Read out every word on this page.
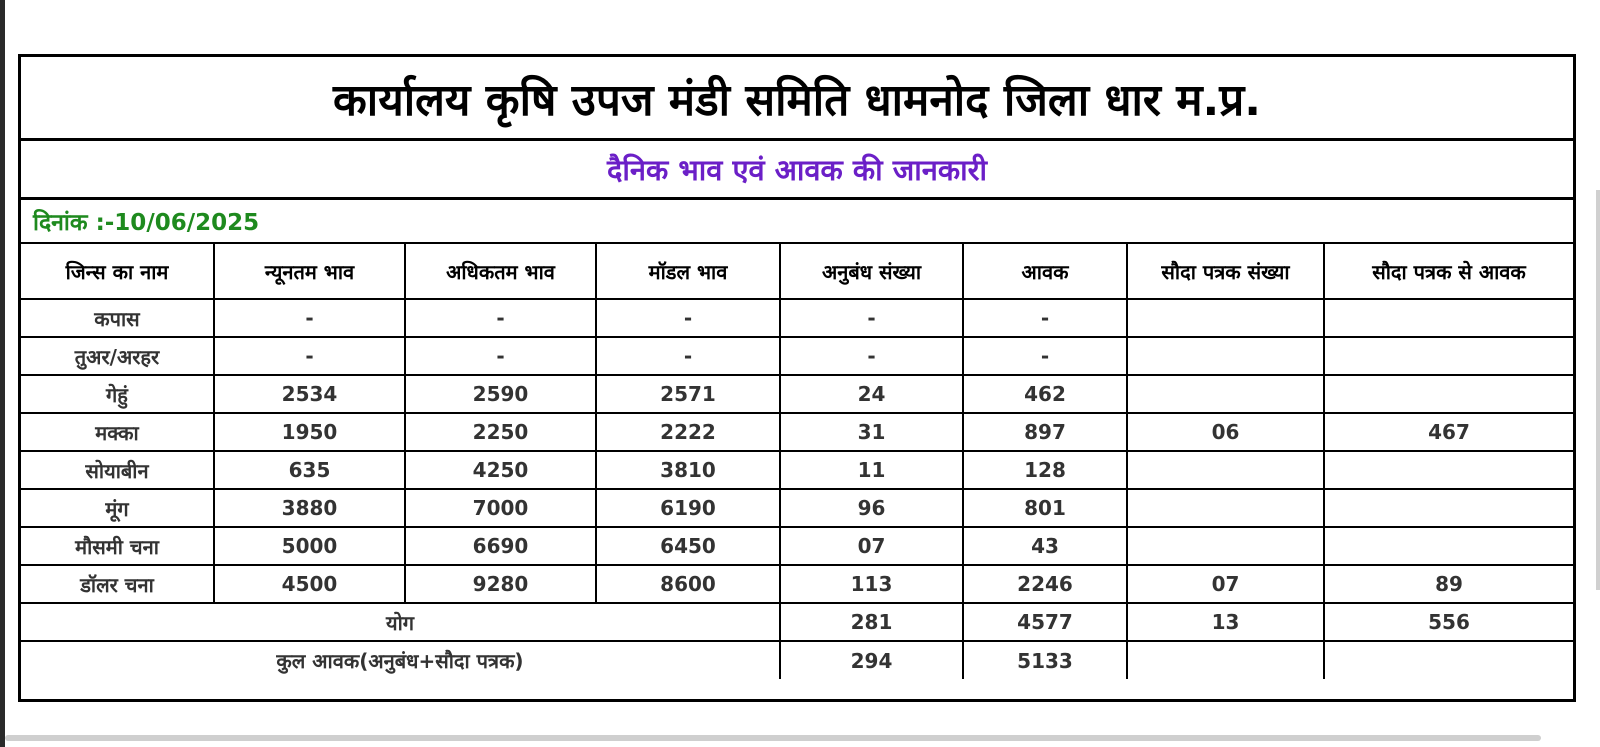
कार्यालय कृषि उपज मंडी समिति धामनोद जिला धार म.प्र.
दैनिक भाव एवं आवक की जानकारी
दिनांक :-10/06/2025
जिन्स का नाम	न्यूनतम भाव	अधिकतम भाव	मॉडल भाव	अनुबंध संख्या	आवक	सौदा पत्रक संख्या	सौदा पत्रक से आवक
कपास	-	-	-	-	-		
तुअर/अरहर	-	-	-	-	-		
गेहुं	2534	2590	2571	24	462		
मक्का	1950	2250	2222	31	897	06	467
सोयाबीन	635	4250	3810	11	128		
मूंग	3880	7000	6190	96	801		
मौसमी चना	5000	6690	6450	07	43		
डॉलर चना	4500	9280	8600	113	2246	07	89
योग				281	4577	13	556
कुल आवक(अनुबंध+सौदा पत्रक)				294	5133		
